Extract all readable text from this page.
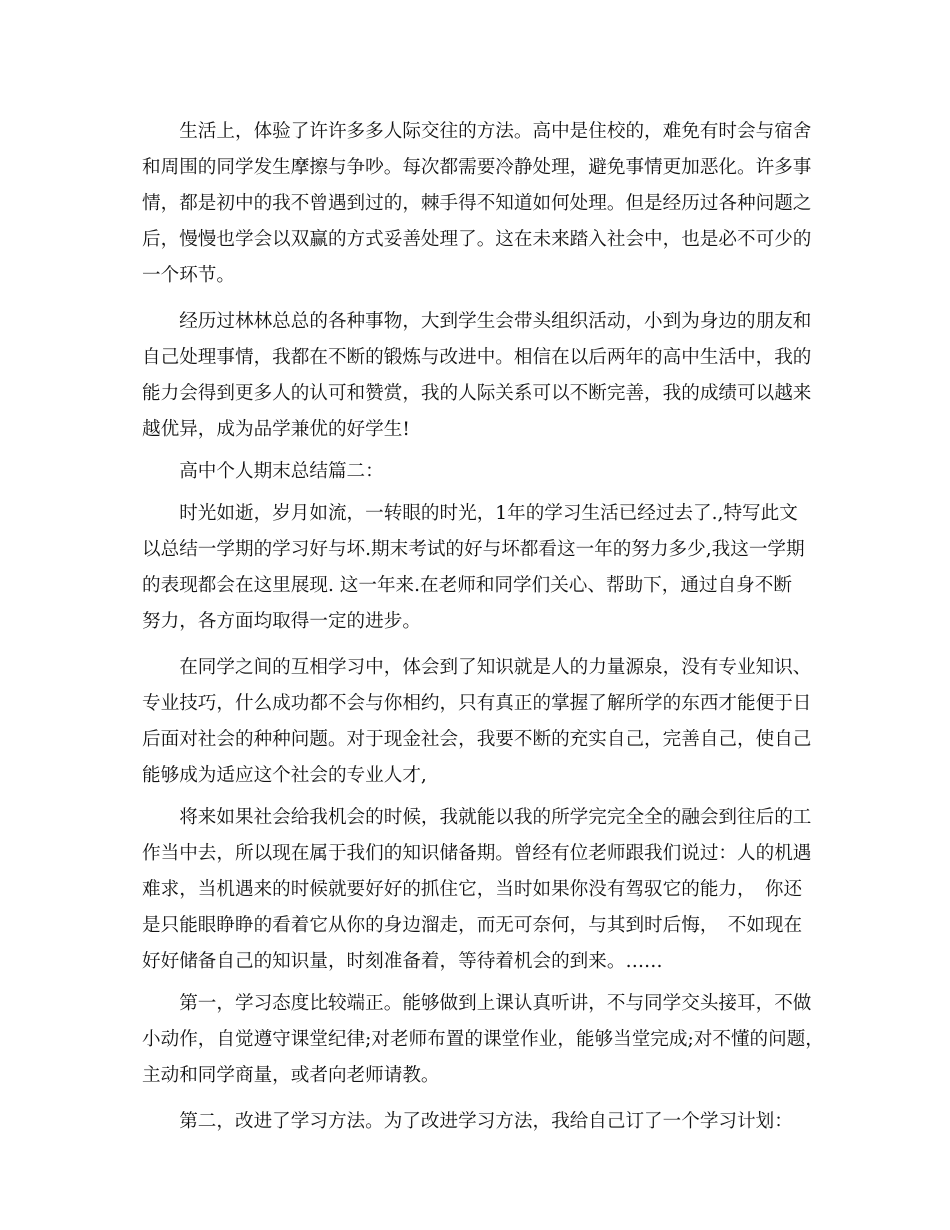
　　生活上，体验了许许多多人际交往的方法。高中是住校的，难免有时会与宿舍
和周围的同学发生摩擦与争吵。每次都需要冷静处理，避免事情更加恶化。许多事
情，都是初中的我不曾遇到过的，棘手得不知道如何处理。但是经历过各种问题之
后，慢慢也学会以双赢的方式妥善处理了。这在未来踏入社会中，也是必不可少的
一个环节。
　　经历过林林总总的各种事物，大到学生会带头组织活动，小到为身边的朋友和
自己处理事情，我都在不断的锻炼与改进中。相信在以后两年的高中生活中，我的
能力会得到更多人的认可和赞赏，我的人际关系可以不断完善，我的成绩可以越来
越优异，成为品学兼优的好学生!
　　高中个人期末总结篇二：
　　时光如逝，岁月如流，一转眼的时光，1年的学习生活已经过去了.,特写此文
以总结一学期的学习好与坏.期末考试的好与坏都看这一年的努力多少,我这一学期
的表现都会在这里展现. 这一年来.在老师和同学们关心、帮助下，通过自身不断
努力，各方面均取得一定的进步。
　　在同学之间的互相学习中，体会到了知识就是人的力量源泉，没有专业知识、
专业技巧，什么成功都不会与你相约，只有真正的掌握了解所学的东西才能便于日
后面对社会的种种问题。对于现金社会，我要不断的充实自己，完善自己，使自己
能够成为适应这个社会的专业人才,
　　将来如果社会给我机会的时候，我就能以我的所学完完全全的融会到往后的工
作当中去，所以现在属于我们的知识储备期。曾经有位老师跟我们说过：人的机遇
难求，当机遇来的时候就要好好的抓住它，当时如果你没有驾驭它的能力，　你还
是只能眼睁睁的看着它从你的身边溜走，而无可奈何，与其到时后悔，　不如现在
好好储备自己的知识量，时刻准备着，等待着机会的到来。……
　　第一，学习态度比较端正。能够做到上课认真听讲，不与同学交头接耳，不做
小动作，自觉遵守课堂纪律;对老师布置的课堂作业，能够当堂完成;对不懂的问题，
主动和同学商量，或者向老师请教。
　　第二，改进了学习方法。为了改进学习方法，我给自己订了一个学习计划：
